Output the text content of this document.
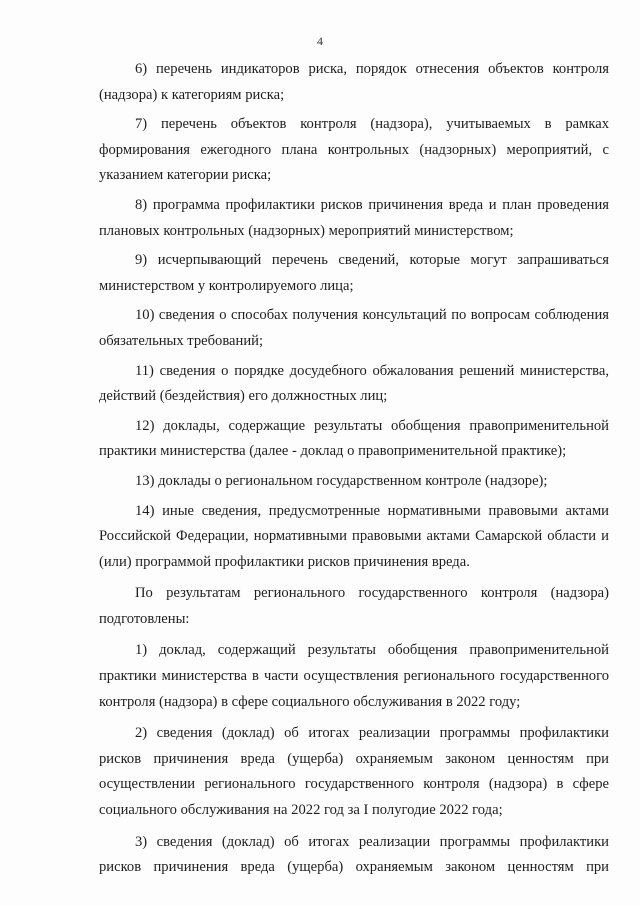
4

6) перечень индикаторов риска, порядок отнесения объектов контроля (надзора) к категориям риска;

7) перечень объектов контроля (надзора), учитываемых в рамках формирования ежегодного плана контрольных (надзорных) мероприятий, с указанием категории риска;

8) программа профилактики рисков причинения вреда и план проведения плановых контрольных (надзорных) мероприятий министерством;

9) исчерпывающий перечень сведений, которые могут запрашиваться министерством у контролируемого лица;

10) сведения о способах получения консультаций по вопросам соблюдения обязательных требований;

11) сведения о порядке досудебного обжалования решений министерства, действий (бездействия) его должностных лиц;

12) доклады, содержащие результаты обобщения правоприменительной практики министерства (далее - доклад о правоприменительной практике);

13) доклады о региональном государственном контроле (надзоре);

14) иные сведения, предусмотренные нормативными правовыми актами Российской Федерации, нормативными правовыми актами Самарской области и (или) программой профилактики рисков причинения вреда.

По результатам регионального государственного контроля (надзора) подготовлены:

1) доклад, содержащий результаты обобщения правоприменительной практики министерства в части осуществления регионального государственного контроля (надзора) в сфере социального обслуживания в 2022 году;

2) сведения (доклад) об итогах реализации программы профилактики рисков причинения вреда (ущерба) охраняемым законом ценностям при осуществлении регионального государственного контроля (надзора) в сфере социального обслуживания на 2022 год за I полугодие 2022 года;

3) сведения (доклад) об итогах реализации программы профилактики рисков причинения вреда (ущерба) охраняемым законом ценностям при
